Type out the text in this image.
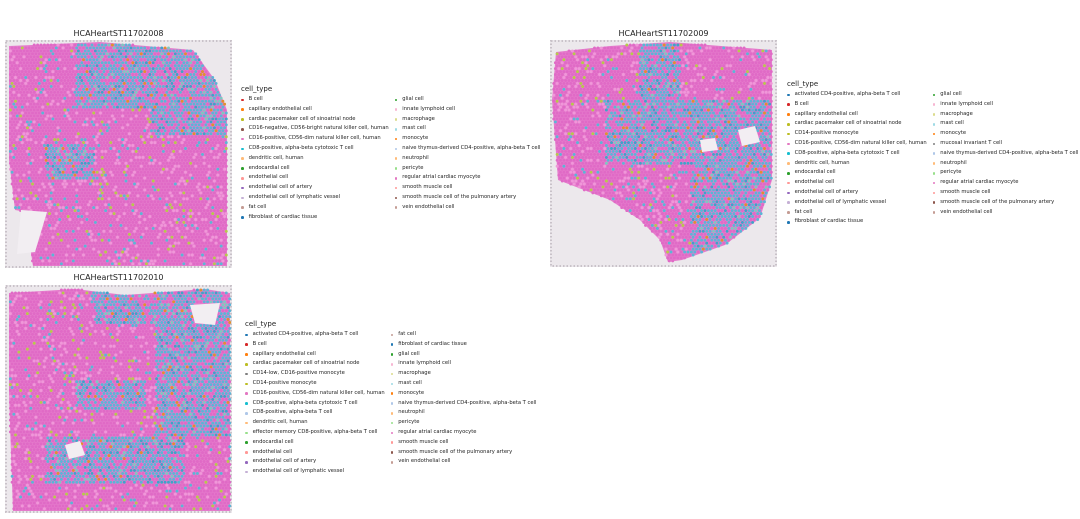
HCAHeartST11702008
cell_type
B cell
capillary endothelial cell
cardiac pacemaker cell of sinoatrial node
CD16-negative, CD56-bright natural killer cell, human
CD16-positive, CD56-dim natural killer cell, human
CD8-positive, alpha-beta cytotoxic T cell
dendritic cell, human
endocardial cell
endothelial cell
endothelial cell of artery
endothelial cell of lymphatic vessel
fat cell
fibroblast of cardiac tissue
glial cell
innate lymphoid cell
macrophage
mast cell
monocyte
naive thymus-derived CD4-positive, alpha-beta T cell
neutrophil
pericyte
regular atrial cardiac myocyte
smooth muscle cell
smooth muscle cell of the pulmonary artery
vein endothelial cell
HCAHeartST11702009
cell_type
activated CD4-positive, alpha-beta T cell
B cell
capillary endothelial cell
cardiac pacemaker cell of sinoatrial node
CD14-positive monocyte
CD16-positive, CD56-dim natural killer cell, human
CD8-positive, alpha-beta cytotoxic T cell
dendritic cell, human
endocardial cell
endothelial cell
endothelial cell of artery
endothelial cell of lymphatic vessel
fat cell
fibroblast of cardiac tissue
glial cell
innate lymphoid cell
macrophage
mast cell
monocyte
mucosal invariant T cell
naive thymus-derived CD4-positive, alpha-beta T cell
neutrophil
pericyte
regular atrial cardiac myocyte
smooth muscle cell
smooth muscle cell of the pulmonary artery
vein endothelial cell
HCAHeartST11702010
cell_type
activated CD4-positive, alpha-beta T cell
B cell
capillary endothelial cell
cardiac pacemaker cell of sinoatrial node
CD14-low, CD16-positive monocyte
CD14-positive monocyte
CD16-positive, CD56-dim natural killer cell, human
CD8-positive, alpha-beta cytotoxic T cell
CD8-positive, alpha-beta T cell
dendritic cell, human
effector memory CD8-positive, alpha-beta T cell
endocardial cell
endothelial cell
endothelial cell of artery
endothelial cell of lymphatic vessel
fat cell
fibroblast of cardiac tissue
glial cell
innate lymphoid cell
macrophage
mast cell
monocyte
naive thymus-derived CD4-positive, alpha-beta T cell
neutrophil
pericyte
regular atrial cardiac myocyte
smooth muscle cell
smooth muscle cell of the pulmonary artery
vein endothelial cell
